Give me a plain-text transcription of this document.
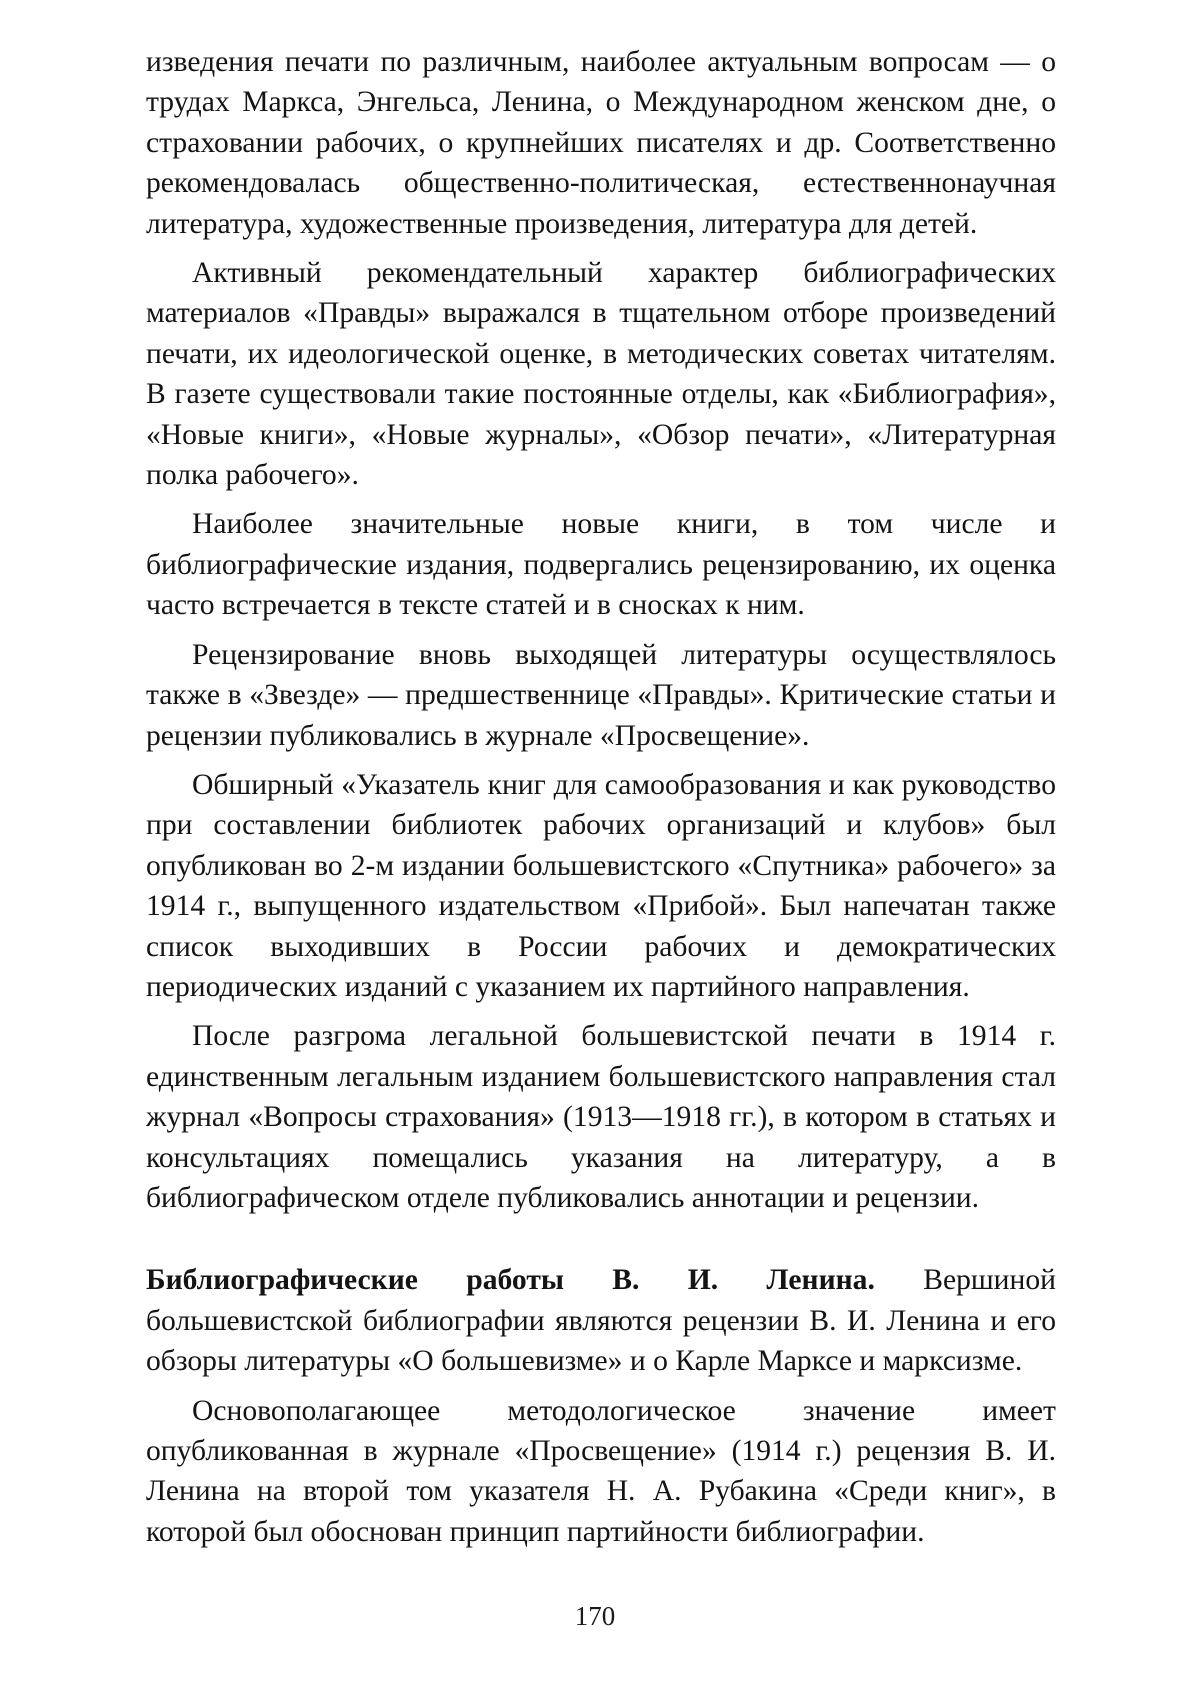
изведения печати по различным, наиболее актуальным вопросам — о трудах Маркса, Энгельса, Ленина, о Международном женском дне, о страховании рабочих, о крупнейших писателях и др. Соответственно рекомендовалась общественно-политическая, естественнонаучная литература, художественные произведения, литература для детей.

Активный рекомендательный характер библиографических материалов «Правды» выражался в тщательном отборе произведений печати, их идеологической оценке, в методических советах читателям. В газете существовали такие постоянные отделы, как «Библиография», «Новые книги», «Новые журналы», «Обзор печати», «Литературная полка рабочего».

Наиболее значительные новые книги, в том числе и библиографические издания, подвергались рецензированию, их оценка часто встречается в тексте статей и в сносках к ним.

Рецензирование вновь выходящей литературы осуществлялось также в «Звезде» — предшественнице «Правды». Критические статьи и рецензии публиковались в журнале «Просвещение».

Обширный «Указатель книг для самообразования и как руководство при составлении библиотек рабочих организаций и клубов» был опубликован во 2-м издании большевистского «Спутника» рабочего» за 1914 г., выпущенного издательством «Прибой». Был напечатан также список выходивших в России рабочих и демократических периодических изданий с указанием их партийного направления.

После разгрома легальной большевистской печати в 1914 г. единственным легальным изданием большевистского направления стал журнал «Вопросы страхования» (1913—1918 гг.), в котором в статьях и консультациях помещались указания на литературу, а в библиографическом отделе публиковались аннотации и рецензии.

Библиографические работы В. И. Ленина. Вершиной большевистской библиографии являются рецензии В. И. Ленина и его обзоры литературы «О большевизме» и о Карле Марксе и марксизме.

Основополагающее методологическое значение имеет опубликованная в журнале «Просвещение» (1914 г.) рецензия В. И. Ленина на второй том указателя Н. А. Рубакина «Среди книг», в которой был обоснован принцип партийности библиографии.

170
